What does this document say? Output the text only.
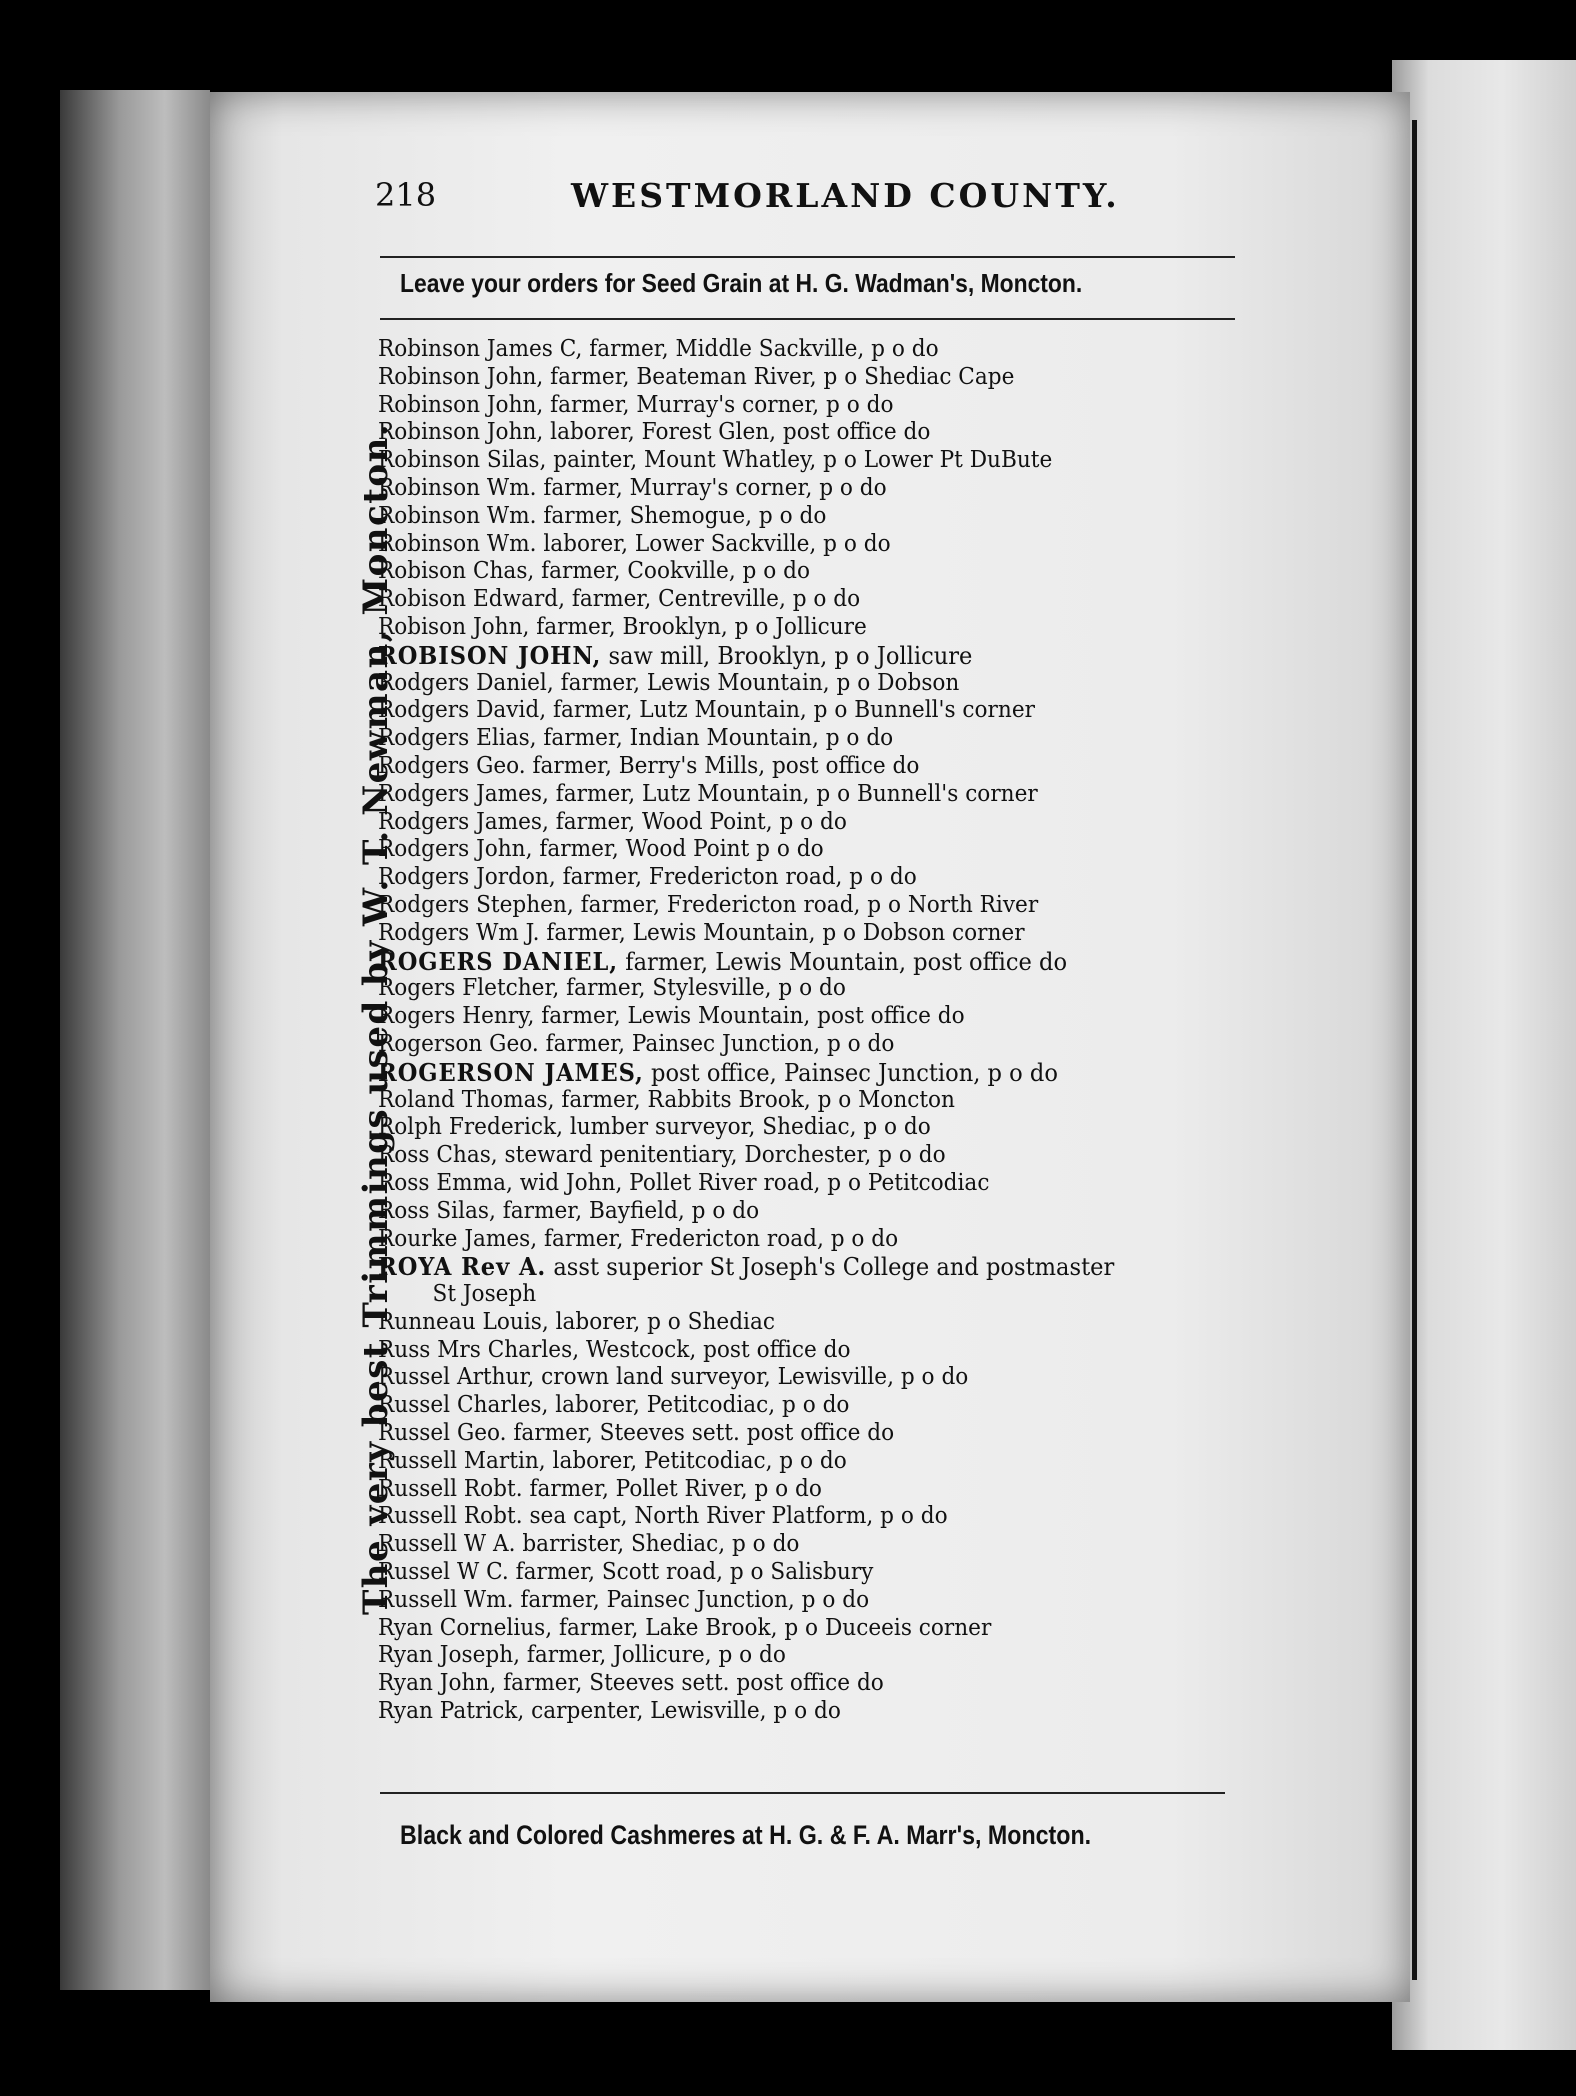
218	WESTMORLAND COUNTY.
Leave your orders for Seed Grain at H. G. Wadman's, Moncton.
The very best Trimmings used by W. T. Newman, Moncton.
Robinson James C, farmer, Middle Sackville, p o do
Robinson John, farmer, Beateman River, p o Shediac Cape
Robinson John, farmer, Murray's corner, p o do
Robinson John, laborer, Forest Glen, post office do
Robinson Silas, painter, Mount Whatley, p o Lower Pt DuBute
Robinson Wm. farmer, Murray's corner, p o do
Robinson Wm. farmer, Shemogue, p o do
Robinson Wm. laborer, Lower Sackville, p o do
Robison Chas, farmer, Cookville, p o do
Robison Edward, farmer, Centreville, p o do
Robison John, farmer, Brooklyn, p o Jollicure
ROBISON JOHN, saw mill, Brooklyn, p o Jollicure
Rodgers Daniel, farmer, Lewis Mountain, p o Dobson
Rodgers David, farmer, Lutz Mountain, p o Bunnell's corner
Rodgers Elias, farmer, Indian Mountain, p o do
Rodgers Geo. farmer, Berry's Mills, post office do
Rodgers James, farmer, Lutz Mountain, p o Bunnell's corner
Rodgers James, farmer, Wood Point, p o do
Rodgers John, farmer, Wood Point p o do
Rodgers Jordon, farmer, Fredericton road, p o do
Rodgers Stephen, farmer, Fredericton road, p o North River
Rodgers Wm J. farmer, Lewis Mountain, p o Dobson corner
ROGERS DANIEL, farmer, Lewis Mountain, post office do
Rogers Fletcher, farmer, Stylesville, p o do
Rogers Henry, farmer, Lewis Mountain, post office do
Rogerson Geo. farmer, Painsec Junction, p o do
ROGERSON JAMES, post office, Painsec Junction, p o do
Roland Thomas, farmer, Rabbits Brook, p o Moncton
Rolph Frederick, lumber surveyor, Shediac, p o do
Ross Chas, steward penitentiary, Dorchester, p o do
Ross Emma, wid John, Pollet River road, p o Petitcodiac
Ross Silas, farmer, Bayfield, p o do
Rourke James, farmer, Fredericton road, p o do
ROYA Rev A. asst superior St Joseph's College and postmaster
St Joseph
Runneau Louis, laborer, p o Shediac
Russ Mrs Charles, Westcock, post office do
Russel Arthur, crown land surveyor, Lewisville, p o do
Russel Charles, laborer, Petitcodiac, p o do
Russel Geo. farmer, Steeves sett. post office do
Russell Martin, laborer, Petitcodiac, p o do
Russell Robt. farmer, Pollet River, p o do
Russell Robt. sea capt, North River Platform, p o do
Russell W A. barrister, Shediac, p o do
Russel W C. farmer, Scott road, p o Salisbury
Russell Wm. farmer, Painsec Junction, p o do
Ryan Cornelius, farmer, Lake Brook, p o Duceeis corner
Ryan Joseph, farmer, Jollicure, p o do
Ryan John, farmer, Steeves sett. post office do
Ryan Patrick, carpenter, Lewisville, p o do
Black and Colored Cashmeres at H. G. & F. A. Marr's, Moncton.
